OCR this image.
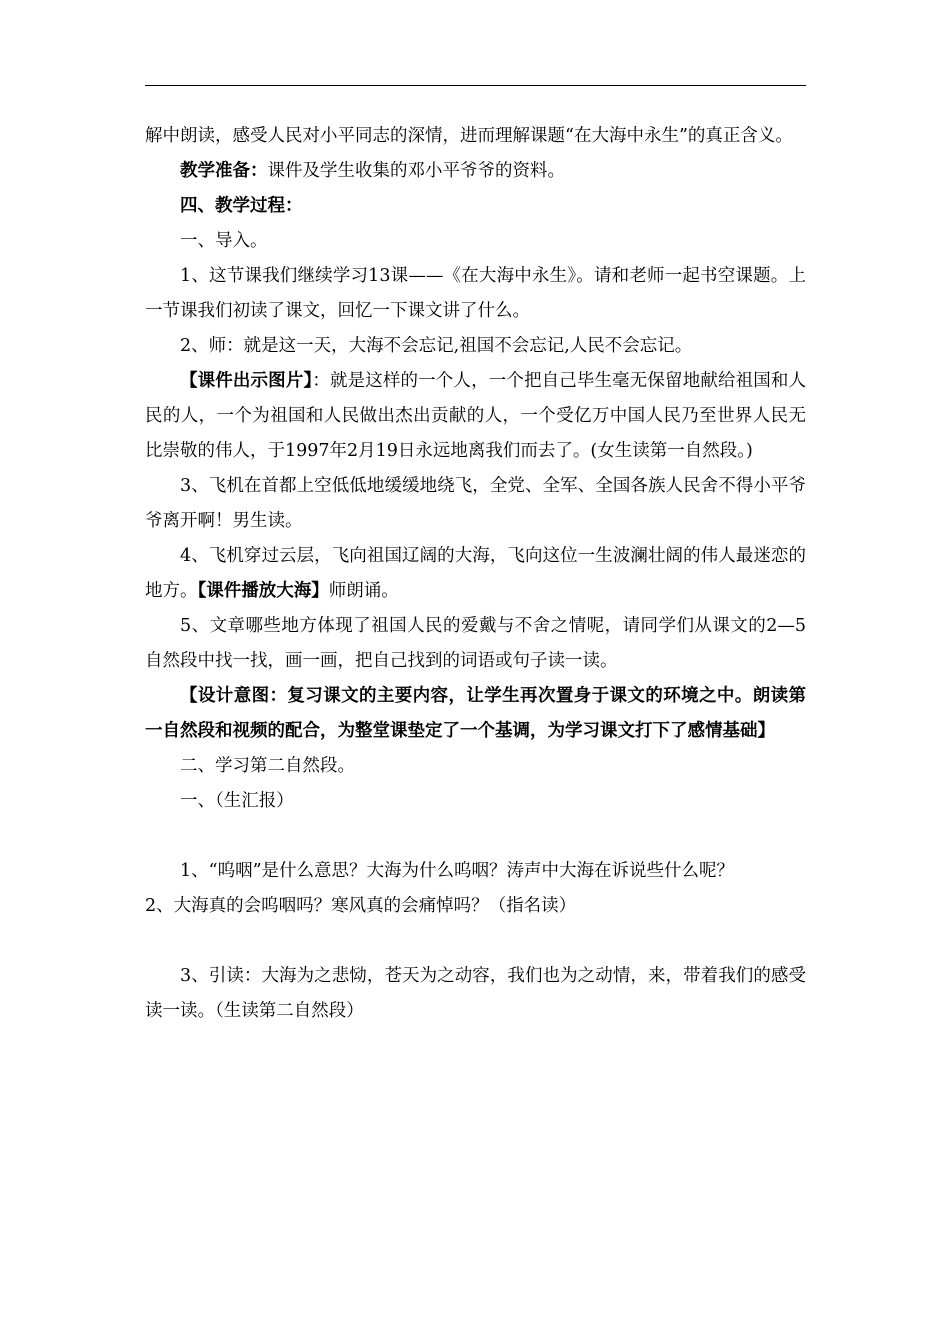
解中朗读，感受人民对小平同志的深情，进而理解课题“在大海中永生”的真正含义。

教学准备：课件及学生收集的邓小平爷爷的资料。

四、教学过程：

一、导入。

1、这节课我们继续学习13课——《在大海中永生》。请和老师一起书空课题。上一节课我们初读了课文，回忆一下课文讲了什么。

2、师：就是这一天，大海不会忘记,祖国不会忘记,人民不会忘记。

【课件出示图片】：就是这样的一个人，一个把自己毕生毫无保留地献给祖国和人民的人，一个为祖国和人民做出杰出贡献的人，一个受亿万中国人民乃至世界人民无比崇敬的伟人，于1997年2月19日永远地离我们而去了。(女生读第一自然段。)

3、飞机在首都上空低低地缓缓地绕飞，全党、全军、全国各族人民舍不得小平爷爷离开啊！男生读。

4、飞机穿过云层，飞向祖国辽阔的大海，飞向这位一生波澜壮阔的伟人最迷恋的地方。【课件播放大海】师朗诵。

5、文章哪些地方体现了祖国人民的爱戴与不舍之情呢，请同学们从课文的2—5自然段中找一找，画一画，把自己找到的词语或句子读一读。

【设计意图：复习课文的主要内容，让学生再次置身于课文的环境之中。朗读第一自然段和视频的配合，为整堂课垫定了一个基调，为学习课文打下了感情基础】

二、学习第二自然段。

一、（生汇报）

1、“呜咽”是什么意思？大海为什么呜咽？涛声中大海在诉说些什么呢？

2、大海真的会呜咽吗？寒风真的会痛悼吗？（指名读）

3、引读：大海为之悲恸，苍天为之动容，我们也为之动情，来，带着我们的感受读一读。（生读第二自然段）
